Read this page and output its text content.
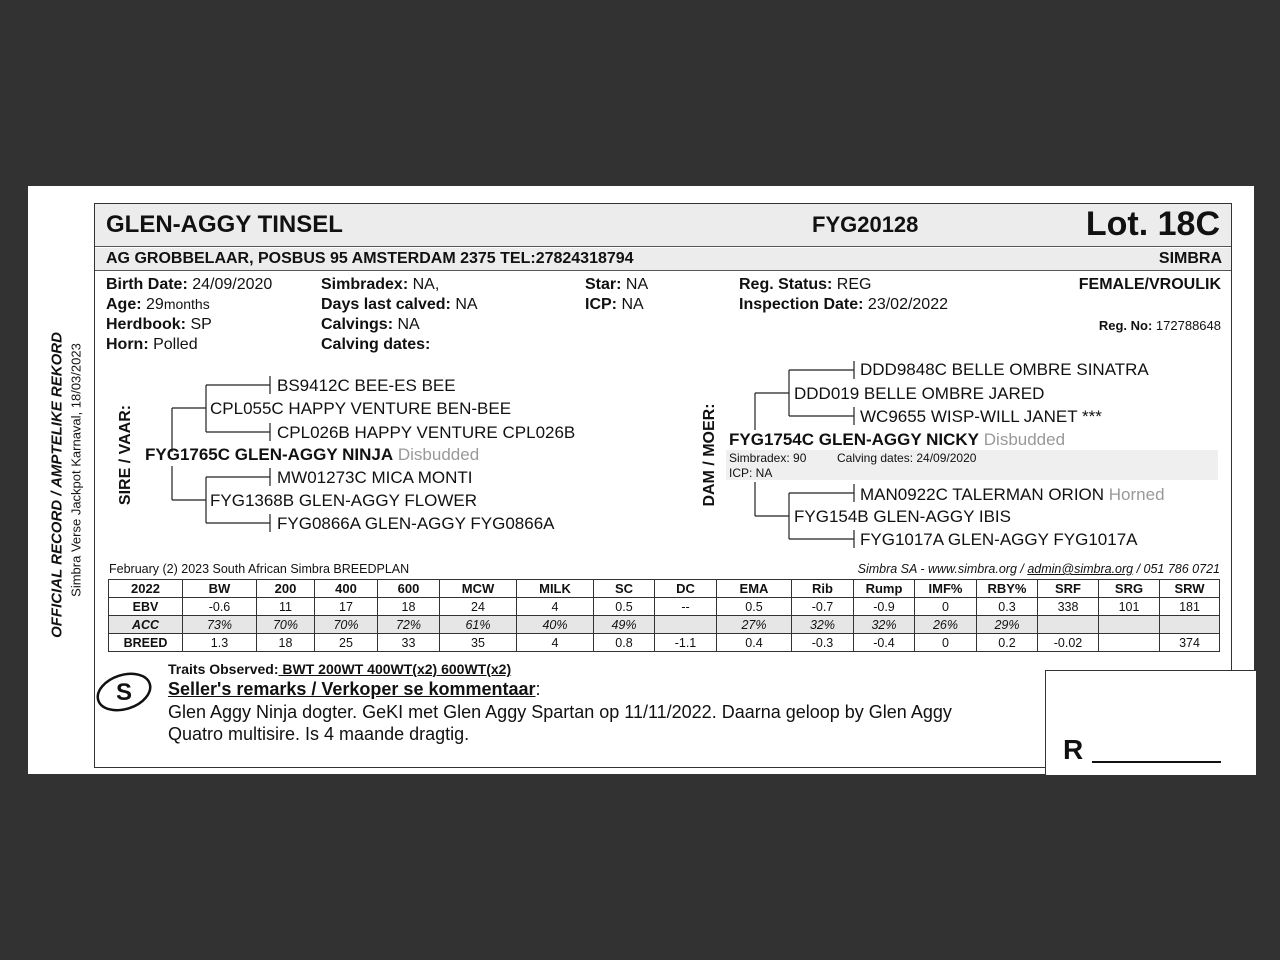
OFFICIAL RECORD / AMPTELIKE REKORD Simbra Verse Jackpot Karnaval, 18/03/2023
GLEN-AGGY TINSEL	FYG20128	Lot. 18C
AG GROBBELAAR, POSBUS 95 AMSTERDAM 2375 TEL:27824318794	SIMBRA
Birth Date: 24/09/2020
Age: 29months
Herdbook: SP
Horn: Polled
Simbradex: NA,
Days last calved: NA
Calvings: NA
Calving dates:
Star: NA
ICP: NA
Reg. Status: REG
Inspection Date: 23/02/2022
FEMALE/VROULIK
Reg. No: 172788648
SIRE / VAAR:	DAM / MOER:
BS9412C BEE-ES BEE
CPL055C HAPPY VENTURE BEN-BEE
CPL026B HAPPY VENTURE CPL026B
FYG1765C GLEN-AGGY NINJA Disbudded
MW01273C MICA MONTI
FYG1368B GLEN-AGGY FLOWER
FYG0866A GLEN-AGGY FYG0866A
DDD9848C BELLE OMBRE SINATRA
DDD019 BELLE OMBRE JARED
WC9655 WISP-WILL JANET ***
FYG1754C GLEN-AGGY NICKY Disbudded
Simbradex: 90	Calving dates: 24/09/2020
ICP: NA
MAN0922C TALERMAN ORION Horned
FYG154B GLEN-AGGY IBIS
FYG1017A GLEN-AGGY FYG1017A
February (2) 2023 South African Simbra BREEDPLAN	Simbra SA - www.simbra.org / admin@simbra.org / 051 786 0721
2022	BW	200	400	600	MCW	MILK	SC	DC	EMA	Rib	Rump	IMF%	RBY%	SRF	SRG	SRW
EBV	-0.6	11	17	18	24	4	0.5	--	0.5	-0.7	-0.9	0	0.3	338	101	181
ACC	73%	70%	70%	72%	61%	40%	49%		27%	32%	32%	26%	29%			
BREED	1.3	18	25	33	35	4	0.8	-1.1	0.4	-0.3	-0.4	0	0.2	-0.02		374
Traits Observed: BWT 200WT 400WT(x2) 600WT(x2)
S Seller's remarks / Verkoper se kommentaar:
Glen Aggy Ninja dogter. GeKI met Glen Aggy Spartan op 11/11/2022. Daarna geloop by Glen Aggy
Quatro multisire. Is 4 maande dragtig.	R
